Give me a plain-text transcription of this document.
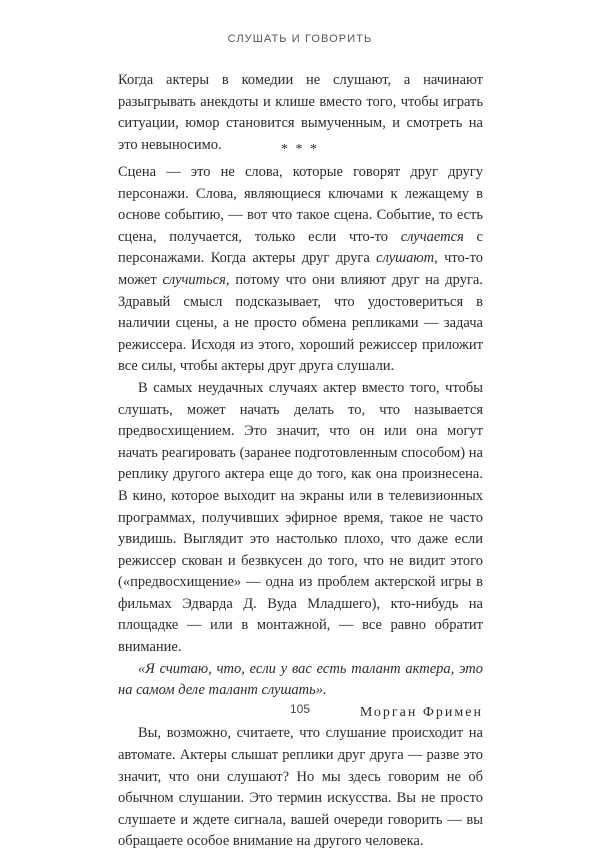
СЛУШАТЬ И ГОВОРИТЬ

Когда актеры в комедии не слушают, а начинают разыгрывать анекдоты и клише вместо того, чтобы играть ситуации, юмор становится вымученным, и смотреть на это невыносимо.	* * *

Сцена — это не слова, которые говорят друг другу персонажи. Слова, являющиеся ключами к лежащему в основе событию, — вот что такое сцена. Событие, то есть сцена, получается, только если что-то случается с персонажами. Когда актеры друг друга слушают, что-то может случиться, потому что они влияют друг на друга. Здравый смысл подсказывает, что удостовериться в наличии сцены, а не просто обмена репликами — задача режиссера. Исходя из этого, хороший режиссер приложит все силы, чтобы актеры друг друга слушали.

В самых неудачных случаях актер вместо того, чтобы слушать, может начать делать то, что называется предвосхищением. Это значит, что он или она могут начать реагировать (заранее подготовленным способом) на реплику другого актера еще до того, как она произнесена. В кино, которое выходит на экраны или в телевизионных программах, получивших эфирное время, такое не часто увидишь. Выглядит это настолько плохо, что даже если режиссер скован и безвкусен до того, что не видит этого («предвосхищение» — одна из проблем актерской игры в фильмах Эдварда Д. Вуда Младшего), кто-нибудь на площадке — или в монтажной, — все равно обратит внимание.

«Я считаю, что, если у вас есть талант актера, это на самом деле талант слушать».

Морган Фримен

Вы, возможно, считаете, что слушание происходит на автомате. Актеры слышат реплики друг друга — разве это значит, что они слушают? Но мы здесь говорим не об обычном слушании. Это термин искусства. Вы не просто слушаете и ждете сигнала, вашей очереди говорить — вы обращаете особое внимание на другого человека.

105
